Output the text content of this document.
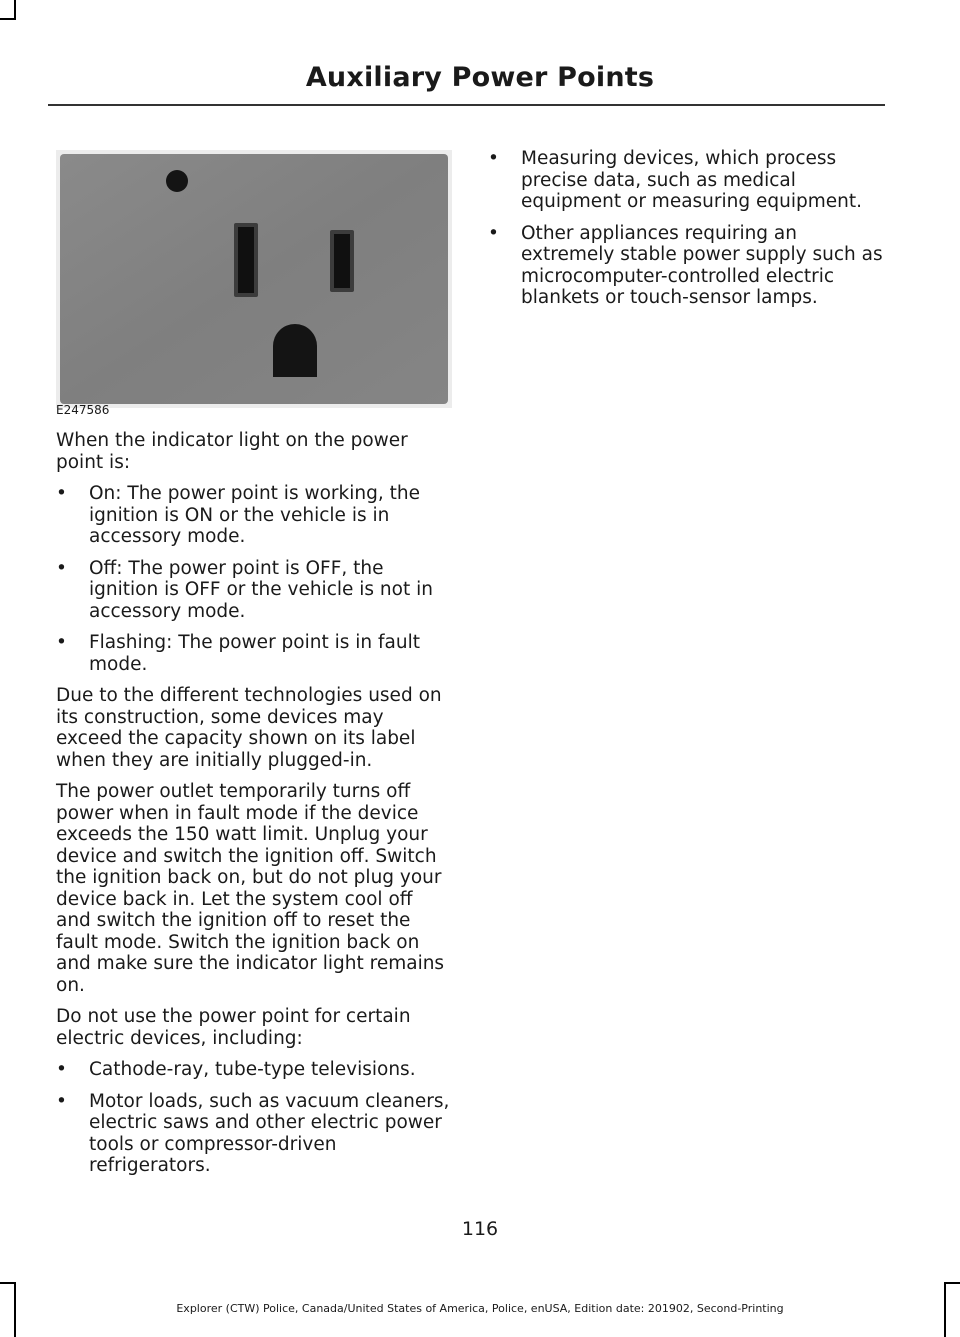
Auxiliary Power Points
E247586

When the indicator light on the power point is:

• On: The power point is working, the ignition is ON or the vehicle is in accessory mode.
• Off: The power point is OFF, the ignition is OFF or the vehicle is not in accessory mode.
• Flashing: The power point is in fault mode.

Due to the different technologies used on its construction, some devices may exceed the capacity shown on its label when they are initially plugged-in.

The power outlet temporarily turns off power when in fault mode if the device exceeds the 150 watt limit. Unplug your device and switch the ignition off. Switch the ignition back on, but do not plug your device back in. Let the system cool off and switch the ignition off to reset the fault mode. Switch the ignition back on and make sure the indicator light remains on.

Do not use the power point for certain electric devices, including:

• Cathode-ray, tube-type televisions.
• Motor loads, such as vacuum cleaners, electric saws and other electric power tools or compressor-driven refrigerators.
• Measuring devices, which process precise data, such as medical equipment or measuring equipment.
• Other appliances requiring an extremely stable power supply such as microcomputer-controlled electric blankets or touch-sensor lamps.
116
Explorer (CTW) Police, Canada/United States of America, Police, enUSA, Edition date: 201902, Second-Printing
